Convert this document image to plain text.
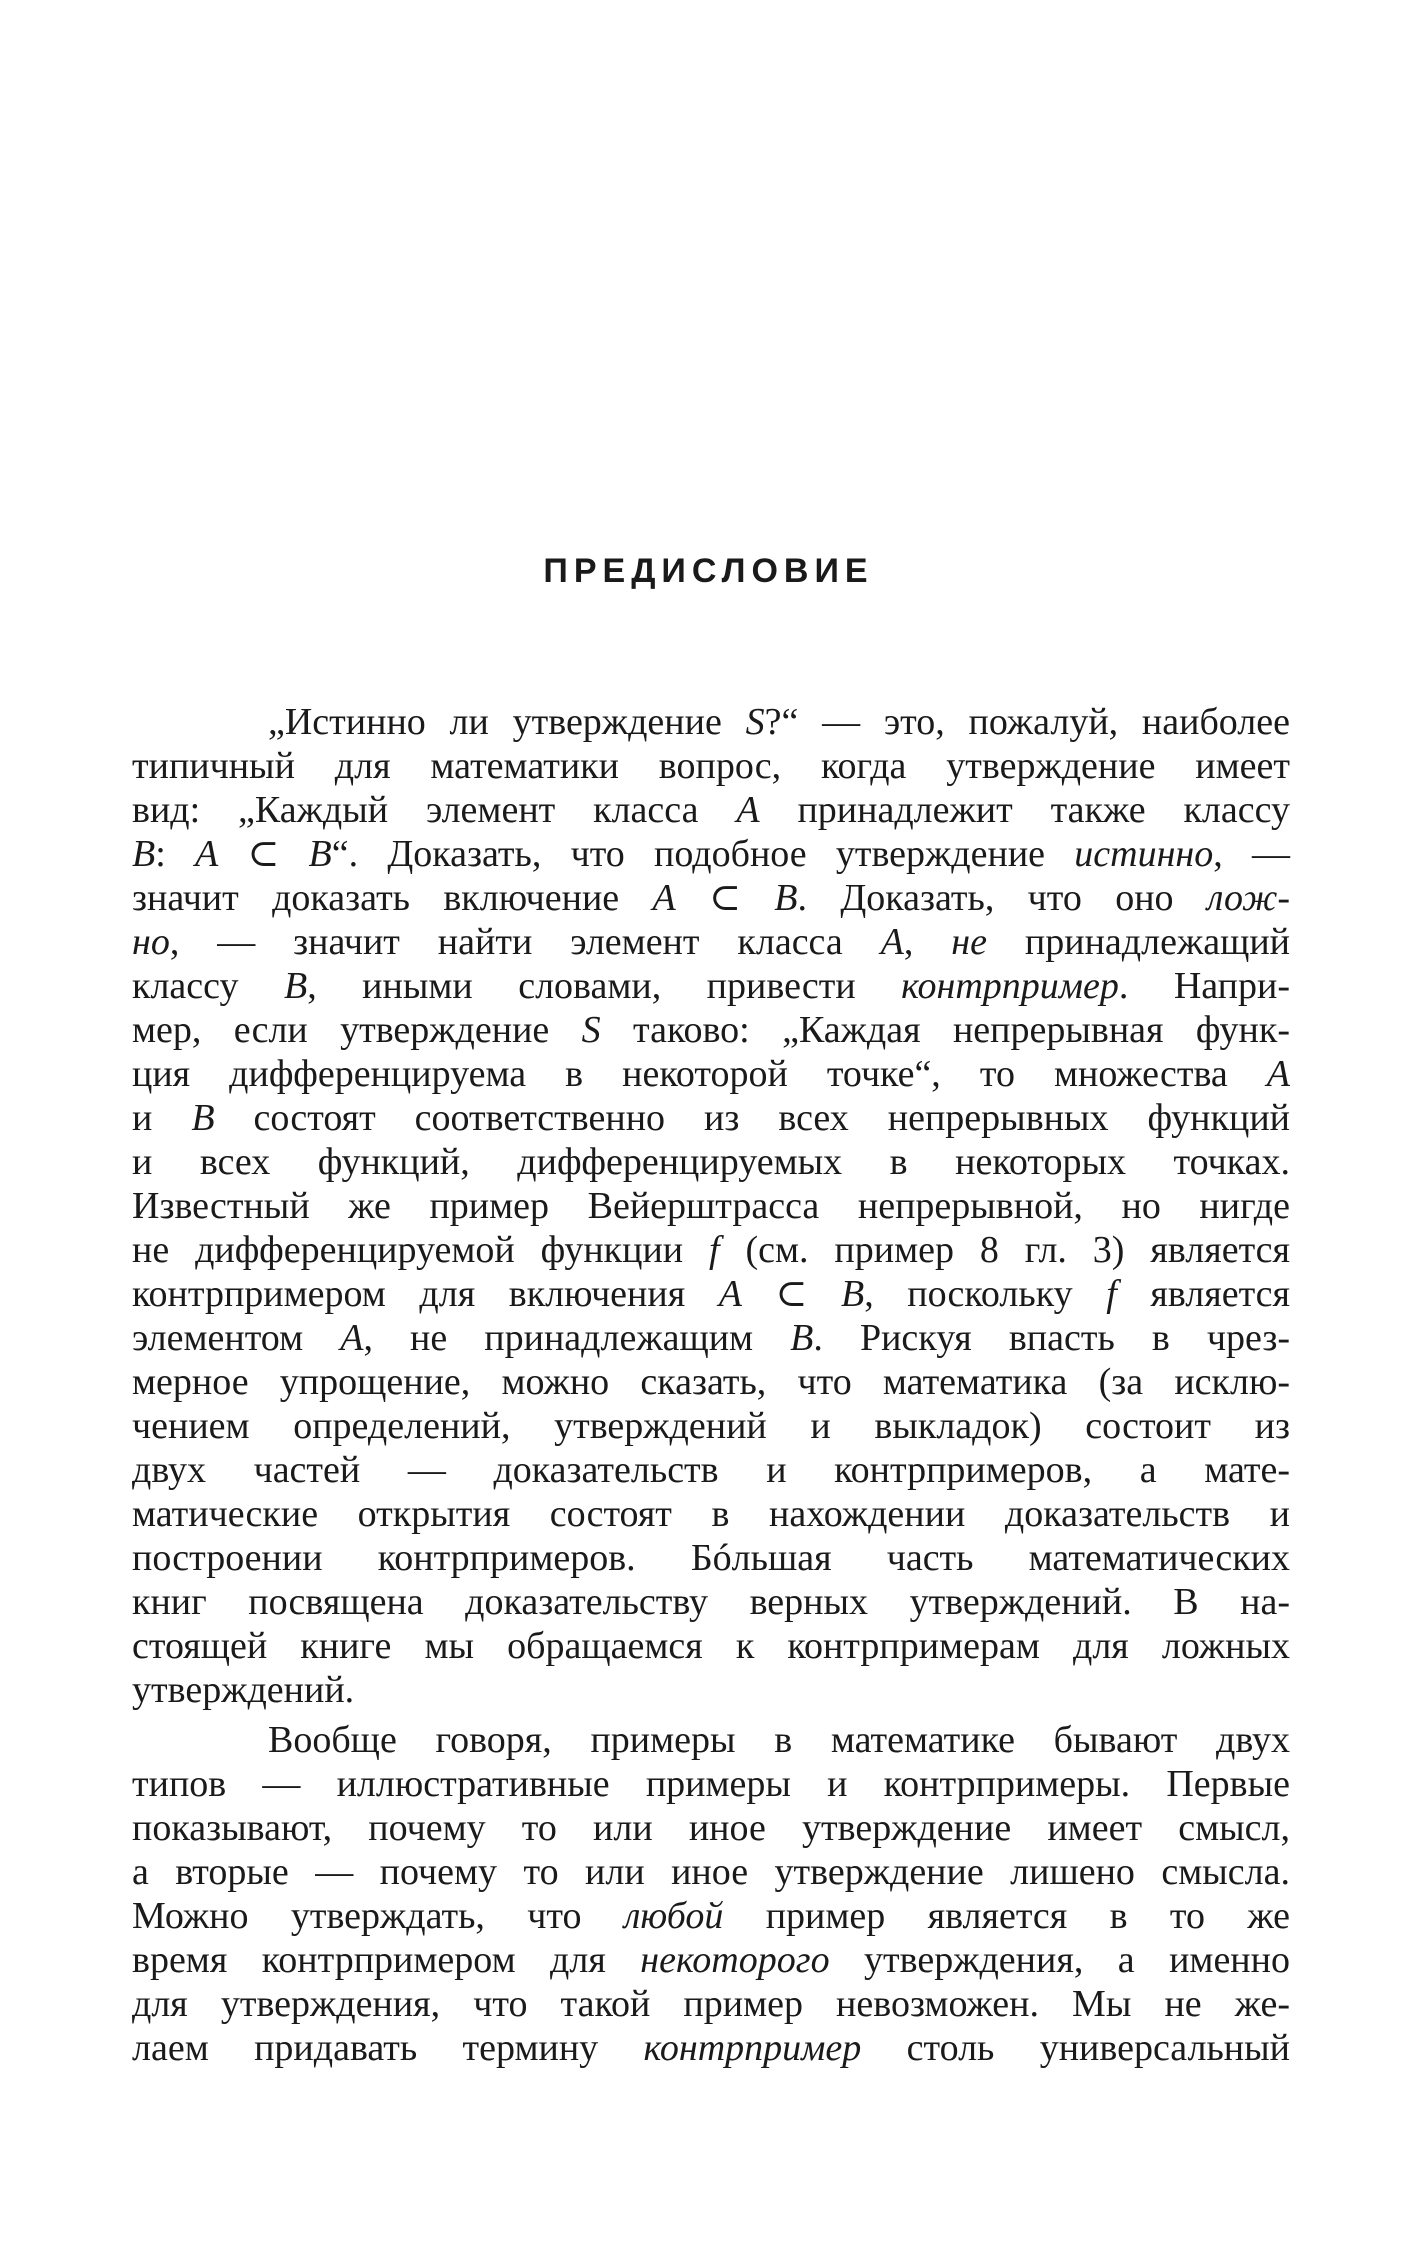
ПРЕДИСЛОВИЕ
„Истинно ли утверждение S?“ — это, пожалуй, наиболее
типичный для математики вопрос, когда утверждение имеет
вид: „Каждый элемент класса A принадлежит также классу
B: A ⊂ B“. Доказать, что подобное утверждение истинно, —
значит доказать включение A ⊂ B. Доказать, что оно лож-
но, — значит найти элемент класса A, не принадлежащий
классу B, иными словами, привести контрпример. Напри-
мер, если утверждение S таково: „Каждая непрерывная функ-
ция дифференцируема в некоторой точке“, то множества A
и B состоят соответственно из всех непрерывных функций
и всех функций, дифференцируемых в некоторых точках.
Известный же пример Вейерштрасса непрерывной, но нигде
не дифференцируемой функции f (см. пример 8 гл. 3) является
контрпримером для включения A ⊂ B, поскольку f является
элементом A, не принадлежащим B. Рискуя впасть в чрез-
мерное упрощение, можно сказать, что математика (за исклю-
чением определений, утверждений и выкладок) состоит из
двух частей — доказательств и контрпримеров, а мате-
матические открытия состоят в нахождении доказательств и
построении контрпримеров. Бóльшая часть математических
книг посвящена доказательству верных утверждений. В на-
стоящей книге мы обращаемся к контрпримерам для ложных
утверждений.
Вообще говоря, примеры в математике бывают двух
типов — иллюстративные примеры и контрпримеры. Первые
показывают, почему то или иное утверждение имеет смысл,
а вторые — почему то или иное утверждение лишено смысла.
Можно утверждать, что любой пример является в то же
время контрпримером для некоторого утверждения, а именно
для утверждения, что такой пример невозможен. Мы не же-
лаем придавать термину контрпример столь универсальный
